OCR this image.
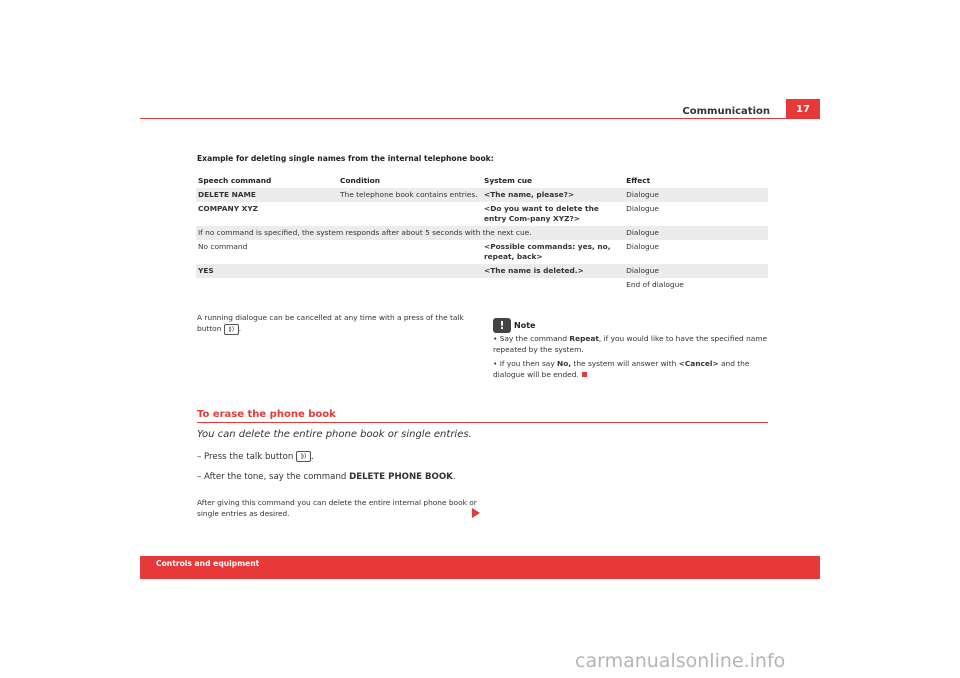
Communication	17
Example for deleting single names from the internal telephone book:
Speech command	Condition	System cue	Effect
DELETE NAME	The telephone book contains entries.	<The name, please?>	Dialogue
COMPANY XYZ		<Do you want to delete the entry Com-pany XYZ?>	Dialogue
If no command is specified, the system responds after about 5 seconds with the next cue.			Dialogue
No command		<Possible commands: yes, no, repeat, back>	Dialogue
YES		<The name is deleted.>	Dialogue
			End of dialogue
A running dialogue can be cancelled at any time with a press of the talk
button ⟫) .	! Note
• Say the command Repeat, if you would like to have the specified name repeated by the system.
• If you then say No, the system will answer with <Cancel> and the dialogue will be ended.
To erase the phone book
You can delete the entire phone book or single entries.
– Press the talk button ⟫) .
– After the tone, say the command DELETE PHONE BOOK.
After giving this command you can delete the entire internal phone book or
single entries as desired.
Controls and equipment
carmanualsonline.info
